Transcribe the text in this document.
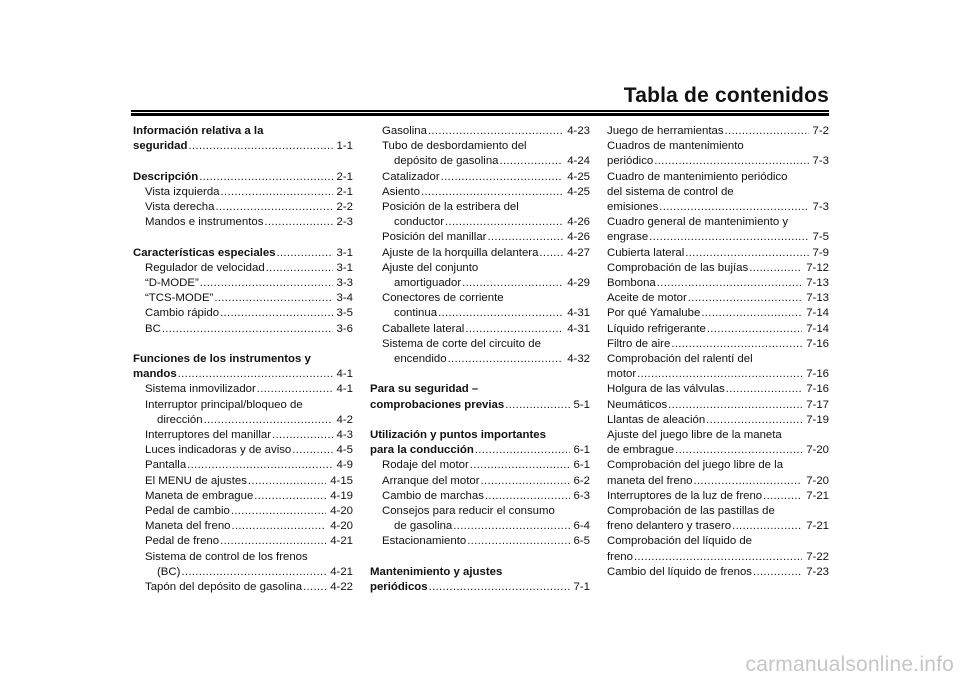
Tabla de contenidos
Información relativa a la
seguridad .....	1-1
Descripción .....	2-1
Vista izquierda .....	2-1
Vista derecha .....	2-2
Mandos e instrumentos .....	2-3
Características especiales .....	3-1
Regulador de velocidad .....	3-1
“D-MODE” .....	3-3
“TCS-MODE” .....	3-4
Cambio rápido .....	3-5
BC .....	3-6
Funciones de los instrumentos y
mandos .....	4-1
Sistema inmovilizador .....	4-1
Interruptor principal/bloqueo de
dirección .....	4-2
Interruptores del manillar .....	4-3
Luces indicadoras y de aviso .....	4-5
Pantalla .....	4-9
El MENU de ajustes .....	4-15
Maneta de embrague .....	4-19
Pedal de cambio .....	4-20
Maneta del freno .....	4-20
Pedal de freno .....	4-21
Sistema de control de los frenos
(BC) .....	4-21
Tapón del depósito de gasolina ..... 4-22
Gasolina .....	4-23
Tubo de desbordamiento del
depósito de gasolina .....	4-24
Catalizador .....	4-25
Asiento .....	4-25
Posición de la estribera del
conductor .....	4-26
Posición del manillar .....	4-26
Ajuste de la horquilla delantera .....	4-27
Ajuste del conjunto
amortiguador .....	4-29
Conectores de corriente
continua .....	4-31
Caballete lateral .....	4-31
Sistema de corte del circuito de
encendido .....	4-32
Para su seguridad –
comprobaciones previas .....	5-1
Utilización y puntos importantes
para la conducción .....	6-1
Rodaje del motor .....	6-1
Arranque del motor .....	6-2
Cambio de marchas .....	6-3
Consejos para reducir el consumo
de gasolina .....	6-4
Estacionamiento .....	6-5
Mantenimiento y ajustes
periódicos .....	7-1
Juego de herramientas .....	7-2
Cuadros de mantenimiento
periódico .....	7-3
Cuadro de mantenimiento periódico
del sistema de control de
emisiones .....	7-3
Cuadro general de mantenimiento y
engrase .....	7-5
Cubierta lateral .....	7-9
Comprobación de las bujías .....	7-12
Bombona .....	7-13
Aceite de motor .....	7-13
Por qué Yamalube .....	7-14
Líquido refrigerante .....	7-14
Filtro de aire .....	7-16
Comprobación del ralentí del
motor .....	7-16
Holgura de las válvulas .....	7-16
Neumáticos .....	7-17
Llantas de aleación .....	7-19
Ajuste del juego libre de la maneta
de embrague .....	7-20
Comprobación del juego libre de la
maneta del freno .....	7-20
Interruptores de la luz de freno .....	7-21
Comprobación de las pastillas de
freno delantero y trasero .....	7-21
Comprobación del líquido de
freno .....	7-22
Cambio del líquido de frenos .....	7-23
carmanualsonline.info
